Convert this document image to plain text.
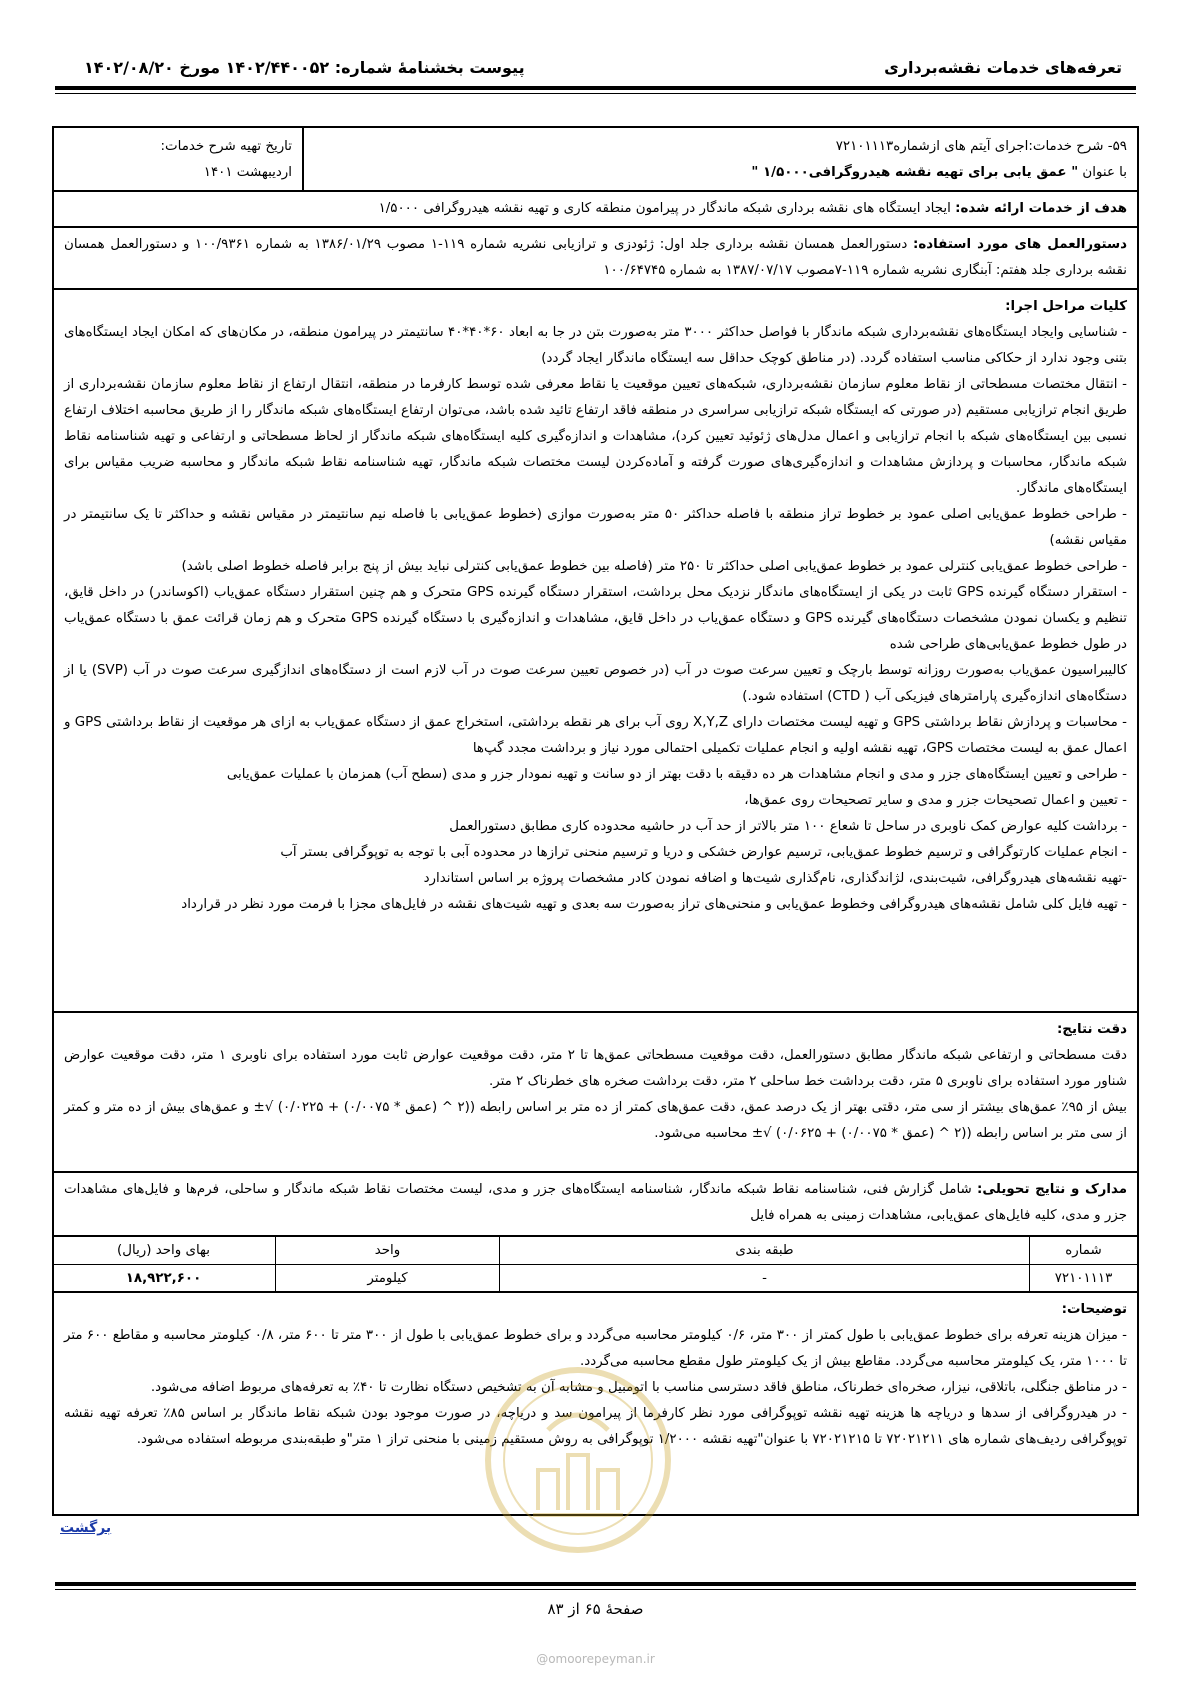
تعرفه‌های خدمات نقشه‌برداری
پیوست بخشنامهٔ شماره: ۱۴۰۲/۴۴۰۰۵۲ مورخ ۱۴۰۲/۰۸/۲۰
۵۹- شرح خدمات:اجرای آیتم های ازشماره۷۲۱۰۱۱۱۳
با عنوان " عمق یابی برای تهیه نقشه هیدروگرافی۱/۵۰۰۰ "
تاریخ تهیه شرح خدمات:
اردیبهشت ۱۴۰۱
هدف از خدمات ارائه شده: ایجاد ایستگاه های نقشه برداری شبکه ماندگار در پیرامون منطقه کاری و تهیه نقشه هیدروگرافی ۱/۵۰۰۰
دستورالعمل های مورد استفاده: دستورالعمل همسان نقشه برداری جلد اول: ژئودزی و ترازیابی نشریه شماره ۱۱۹-۱ مصوب ۱۳۸۶/۰۱/۲۹ به شماره ۱۰۰/۹۳۶۱ و دستورالعمل همسان نقشه برداری جلد هفتم: آبنگاری نشریه شماره ۱۱۹-۷مصوب ۱۳۸۷/۰۷/۱۷ به شماره ۱۰۰/۶۴۷۴۵
کلیات مراحل اجرا:
- شناسایی وایجاد ایستگاه‌های نقشه‌برداری شبکه ماندگار با فواصل حداکثر ۳۰۰۰ متر به‌صورت بتن در جا به ابعاد ۶۰*۴۰*۴۰ سانتیمتر در پیرامون منطقه، در مکان‌های که امکان ایجاد ایستگاه‌های بتنی وجود ندارد از حکاکی مناسب استفاده گردد. (در مناطق کوچک حداقل سه ایستگاه ماندگار ایجاد گردد)
- انتقال مختصات مسطحاتی از نقاط معلوم سازمان نقشه‌برداری، شبکه‌های تعیین موقعیت یا نقاط معرفی شده توسط کارفرما در منطقه، انتقال ارتفاع از نقاط معلوم سازمان نقشه‌برداری از طریق انجام ترازیابی مستقیم (در صورتی که ایستگاه شبکه ترازیابی سراسری در منطقه فاقد ارتفاع تائید شده باشد، می‌توان ارتفاع ایستگاه‌های شبکه ماندگار را از طریق محاسبه اختلاف ارتفاع نسبی بین ایستگاه‌های شبکه با انجام ترازیابی و اعمال مدل‌های ژئوئید تعیین کرد)، مشاهدات و اندازه‌گیری کلیه ایستگاه‌های شبکه ماندگار از لحاظ مسطحاتی و ارتفاعی و تهیه شناسنامه نقاط شبکه ماندگار، محاسبات و پردازش مشاهدات و اندازه‌گیری‌های صورت گرفته و آماده‌کردن لیست مختصات شبکه ماندگار، تهیه شناسنامه نقاط شبکه ماندگار و محاسبه ضریب مقیاس برای ایستگاه‌های ماندگار.
- طراحی خطوط عمق‌یابی اصلی عمود بر خطوط تراز منطقه با فاصله حداکثر ۵۰ متر به‌صورت موازی (خطوط عمق‌یابی با فاصله نیم سانتیمتر در مقیاس نقشه و حداکثر تا یک سانتیمتر در مقیاس نقشه)
- طراحی خطوط عمق‌یابی کنترلی عمود بر خطوط عمق‌یابی اصلی حداکثر تا ۲۵۰ متر (فاصله بین خطوط عمق‌یابی کنترلی نباید بیش از پنج برابر فاصله خطوط اصلی باشد)
- استقرار دستگاه گیرنده GPS ثابت در یکی از ایستگاه‌های ماندگار نزدیک محل برداشت، استقرار دستگاه گیرنده GPS متحرک و هم چنین استقرار دستگاه عمق‌یاب (اکوساندر) در داخل قایق، تنظیم و یکسان نمودن مشخصات دستگاه‌های گیرنده GPS و دستگاه عمق‌یاب در داخل قایق، مشاهدات و اندازه‌گیری با دستگاه گیرنده GPS متحرک و هم زمان قرائت عمق با دستگاه عمق‌یاب در طول خطوط عمق‌یابی‌های طراحی شده
کالیبراسیون عمق‌یاب به‌صورت روزانه توسط بارچک و تعیین سرعت صوت در آب (در خصوص تعیین سرعت صوت در آب لازم است از دستگاه‌های اندازگیری سرعت صوت در آب (SVP) یا از دستگاه‌های اندازه‌گیری پارامترهای فیزیکی آب ( CTD) استفاده شود.)
- محاسبات و پردازش نقاط برداشتی GPS و تهیه لیست مختصات دارای X,Y,Z روی آب برای هر نقطه برداشتی، استخراج عمق از دستگاه عمق‌یاب به ازای هر موقعیت از نقاط برداشتی GPS و اعمال عمق به لیست مختصات GPS، تهیه نقشه اولیه و انجام عملیات تکمیلی احتمالی مورد نیاز و برداشت مجدد گپ‌ها
- طراحی و تعیین ایستگاه‌های جزر و مدی و انجام مشاهدات هر ده دقیقه با دقت بهتر از دو سانت و تهیه نمودار جزر و مدی (سطح آب) همزمان با عملیات عمق‌یابی
- تعیین و اعمال تصحیحات جزر و مدی و سایر تصحیحات روی عمق‌ها،
- برداشت کلیه عوارض کمک ناوبری در ساحل تا شعاع ۱۰۰ متر بالاتر از حد آب در حاشیه محدوده کاری مطابق دستورالعمل
- انجام عملیات کارتوگرافی و ترسیم خطوط عمق‌یابی، ترسیم عوارض خشکی و دریا و ترسیم منحنی ترازها در محدوده آبی با توجه به توپوگرافی بستر آب
-تهیه نقشه‌های هیدروگرافی، شیت‌بندی، لژاندگذاری، نام‌گذاری شیت‌ها و اضافه نمودن کادر مشخصات پروژه بر اساس استاندارد
- تهیه فایل کلی شامل نقشه‌های هیدروگرافی وخطوط عمق‌یابی و منحنی‌های تراز به‌صورت سه بعدی و تهیه شیت‌های نقشه در فایل‌های مجزا با فرمت مورد نظر در قرارداد
دقت نتایج:
دقت مسطحاتی و ارتفاعی شبکه ماندگار مطابق دستورالعمل، دقت موقعیت مسطحاتی عمق‌ها تا ۲ متر، دقت موقعیت عوارض ثابت مورد استفاده برای ناوبری ۱ متر، دقت موقعیت عوارض شناور مورد استفاده برای ناوبری ۵ متر، دقت برداشت خط ساحلی ۲ متر، دقت برداشت صخره های خطرناک ۲ متر.
بیش از ۹۵٪ عمق‌های بیشتر از سی متر، دقتی بهتر از یک درصد عمق، دقت عمق‌های کمتر از ده متر بر اساس رابطه ((۲ ^ (عمق * ۰/۰۰۷۵) + ۰/۰۲۲۵) √± و عمق‌های بیش از ده متر و کمتر از سی متر بر اساس رابطه ((۲ ^ (عمق * ۰/۰۰۷۵) + ۰/۰۶۲۵) √± محاسبه می‌شود.
مدارک و نتایج تحویلی: شامل گزارش فنی، شناسنامه نقاط شبکه ماندگار، شناسنامه ایستگاه‌های جزر و مدی، لیست مختصات نقاط شبکه ماندگار و ساحلی، فرم‌ها و فایل‌های مشاهدات جزر و مدی، کلیه فایل‌های عمق‌یابی، مشاهدات زمینی به همراه فایل
شماره
طبقه بندی
واحد
بهای واحد (ریال)
۷۲۱۰۱۱۱۳
-
کیلومتر
۱۸,۹۲۲,۶۰۰
توضیحات:
- میزان هزینه تعرفه برای خطوط عمق‌یابی با طول کمتر از ۳۰۰ متر، ۰/۶ کیلومتر محاسبه می‌گردد و برای خطوط عمق‌یابی با طول از ۳۰۰ متر تا ۶۰۰ متر، ۰/۸ کیلومتر محاسبه و مقاطع ۶۰۰ متر تا ۱۰۰۰ متر، یک کیلومتر محاسبه می‌گردد. مقاطع بیش از یک کیلومتر طول مقطع محاسبه می‌گردد.
- در مناطق جنگلی، باتلاقی، نیزار، صخره‌ای خطرناک، مناطق فاقد دسترسی مناسب با اتومبیل و مشابه آن به تشخیص دستگاه نظارت تا ۴۰٪ به تعرفه‌های مربوط اضافه می‌شود.
- در هیدروگرافی از سدها و دریاچه ها هزینه تهیه نقشه توپوگرافی مورد نظر کارفرما از پیرامون سد و دریاچه، در صورت موجود بودن شبکه نقاط ماندگار بر اساس ۸۵٪ تعرفه تهیه نقشه توپوگرافی ردیف‌های شماره های ۷۲۰۲۱۲۱۱ تا ۷۲۰۲۱۲۱۵ با عنوان"تهیه نقشه ۱/۲۰۰۰ توپوگرافی به روش مستقیم زمینی با منحنی تراز ۱ متر"و طبقه‌بندی مربوطه استفاده می‌شود.
برگشت
صفحهٔ ۶۵ از ۸۳
@omoorepeyman.ir
